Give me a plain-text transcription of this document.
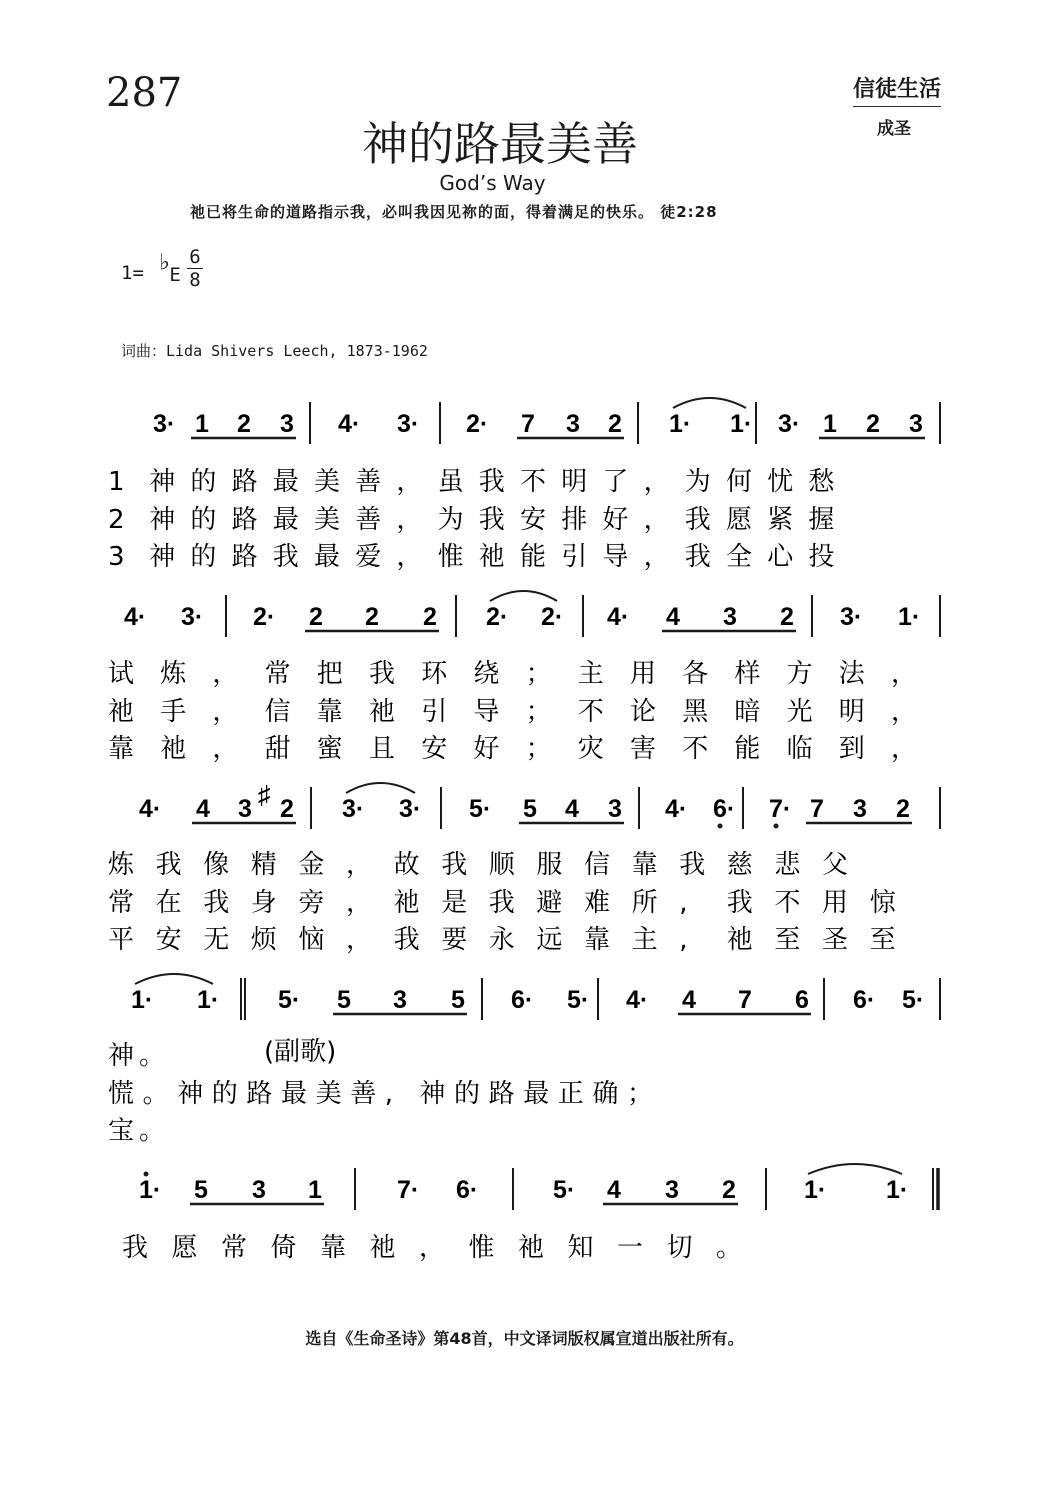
287	信徒生活
成圣
神的路最美善
God’s Way
祂已将生命的道路指示我，必叫我因见祢的面，得着满足的快乐。 徒2:28
1= ♭
E
6
8
词曲：Lida Shivers Leech, 1873-1962
3· 1 2 3 4· 3· 2· 7 3 2 1· 1· 3· 1 2 3
1 神 的 路 最 美 善 ， 虽 我 不 明 了 ， 为 何 忧 愁
2 神 的 路 最 美 善 ， 为 我 安 排 好 ， 我 愿 紧 握
3 神 的 路 我 最 爱 ， 惟 祂 能 引 导 ， 我 全 心 投
4· 3· 2· 2 2 2 2· 2· 4· 4 3 2 3· 1·
试 炼 ， 常 把 我 环 绕 ； 主 用 各 样 方 法 ，
祂 手 ， 信 靠 祂 引 导 ； 不 论 黑 暗 光 明 ，
靠 祂 ， 甜 蜜 且 安 好 ； 灾 害 不 能 临 到 ，
4· 4 3 ♯ 2 3· 3· 5· 5 4 3 4· 6· 7· 7 3 2
炼 我 像 精 金 ， 故 我 顺 服 信 靠 我 慈 悲 父
常 在 我 身 旁 ， 祂 是 我 避 难 所 , 我 不 用 惊
平 安 无 烦 恼 ， 我 要 永 远 靠 主 , 祂 至 圣 至
1· 1· 5· 5 3 5 6· 5· 4· 4 7 6 6· 5·
神 。
慌 。 神 的 路 最 美 善 , 神 的 路 最 正 确 ；
宝 。
(副歌)
1· 5 3 1	7· 6·	5· 4 3 2	1· 1·
我 愿 常 倚 靠 祂 ， 惟 祂 知 一 切 。
选自《生命圣诗》第48首，中文译词版权属宣道出版社所有。
